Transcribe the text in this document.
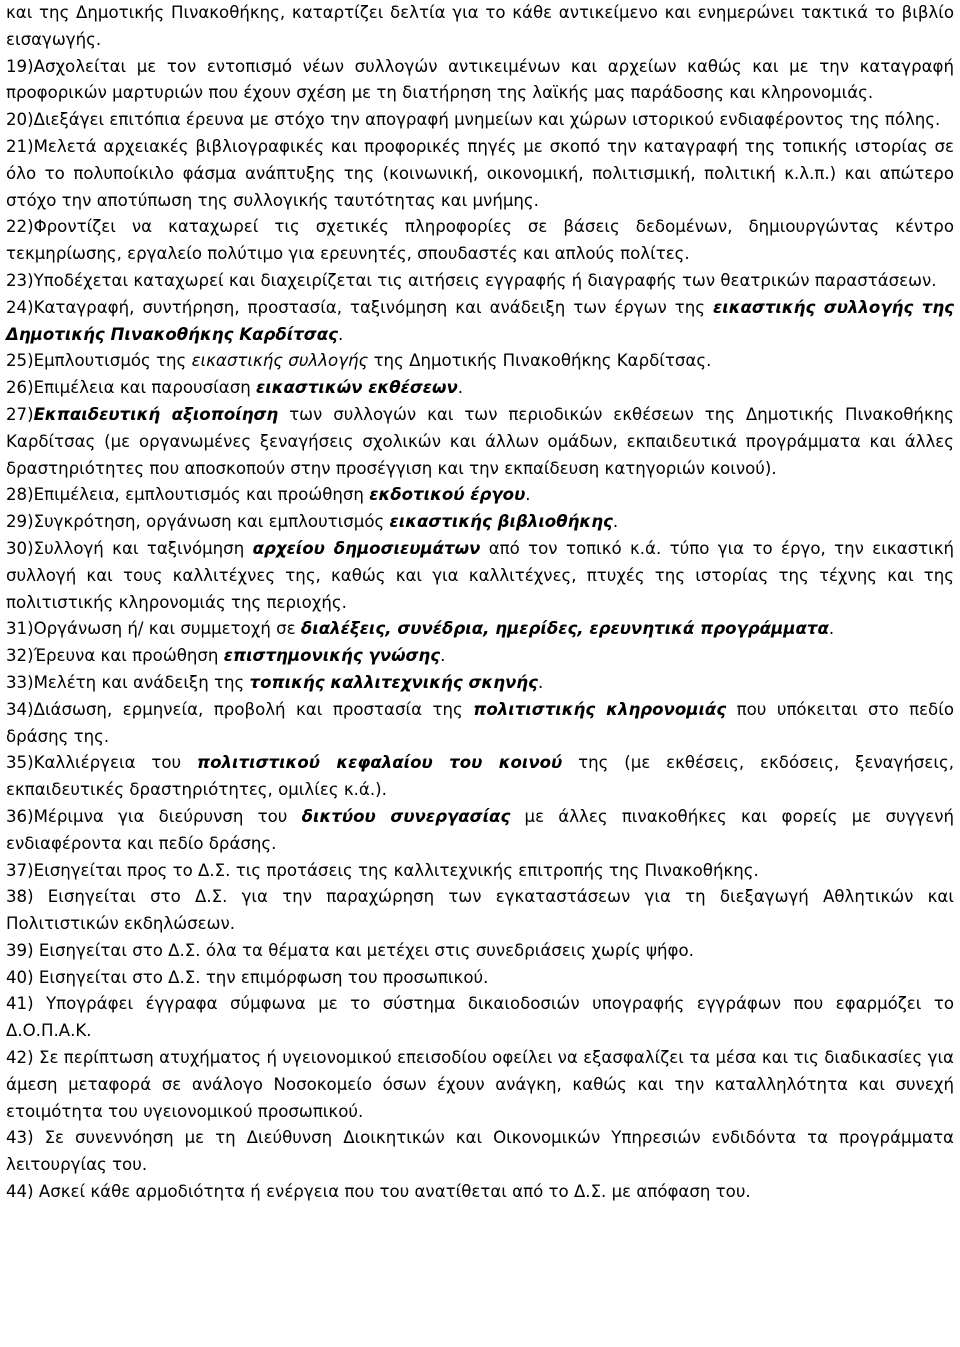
και της Δημοτικής Πινακοθήκης, καταρτίζει δελτία για το κάθε αντικείμενο και ενημερώνει τακτικά το βιβλίο εισαγωγής.
19)Ασχολείται με τον εντοπισμό νέων συλλογών αντικειμένων και αρχείων καθώς και με την καταγραφή προφορικών μαρτυριών που έχουν σχέση με τη διατήρηση της λαϊκής μας παράδοσης και κληρονομιάς.
20)Διεξάγει επιτόπια έρευνα με στόχο την απογραφή μνημείων και χώρων ιστορικού ενδιαφέροντος της πόλης.
21)Μελετά αρχειακές βιβλιογραφικές και προφορικές πηγές με σκοπό την καταγραφή της τοπικής ιστορίας σε όλο το πολυποίκιλο φάσμα ανάπτυξης της (κοινωνική, οικονομική, πολιτισμική, πολιτική κ.λ.π.) και απώτερο στόχο την αποτύπωση της συλλογικής ταυτότητας και μνήμης.
22)Φροντίζει να καταχωρεί τις σχετικές πληροφορίες σε βάσεις δεδομένων, δημιουργώντας κέντρο τεκμηρίωσης, εργαλείο πολύτιμο για ερευνητές, σπουδαστές και απλούς πολίτες.
23)Υποδέχεται καταχωρεί και διαχειρίζεται τις αιτήσεις εγγραφής ή διαγραφής των θεατρικών παραστάσεων.
24)Καταγραφή, συντήρηση, προστασία, ταξινόμηση και ανάδειξη των έργων της εικαστικής συλλογής της Δημοτικής Πινακοθήκης Καρδίτσας.
25)Εμπλουτισμός της εικαστικής συλλογής της Δημοτικής Πινακοθήκης Καρδίτσας.
26)Επιμέλεια και παρουσίαση εικαστικών εκθέσεων.
27)Εκπαιδευτική αξιοποίηση των συλλογών και των περιοδικών εκθέσεων της Δημοτικής Πινακοθήκης Καρδίτσας (με οργανωμένες ξεναγήσεις σχολικών και άλλων ομάδων, εκπαιδευτικά προγράμματα και άλλες δραστηριότητες που αποσκοπούν στην προσέγγιση και την εκπαίδευση κατηγοριών κοινού).
28)Επιμέλεια, εμπλουτισμός και προώθηση εκδοτικού έργου.
29)Συγκρότηση, οργάνωση και εμπλουτισμός εικαστικής βιβλιοθήκης.
30)Συλλογή και ταξινόμηση αρχείου δημοσιευμάτων από τον τοπικό κ.ά. τύπο για το έργο, την εικαστική συλλογή και τους καλλιτέχνες της, καθώς και για καλλιτέχνες, πτυχές της ιστορίας της τέχνης και της πολιτιστικής κληρονομιάς της περιοχής.
31)Οργάνωση ή/ και συμμετοχή σε διαλέξεις, συνέδρια, ημερίδες, ερευνητικά προγράμματα.
32)Έρευνα και προώθηση επιστημονικής γνώσης.
33)Μελέτη και ανάδειξη της τοπικής καλλιτεχνικής σκηνής.
34)Διάσωση, ερμηνεία, προβολή και προστασία της πολιτιστικής κληρονομιάς που υπόκειται στο πεδίο δράσης της.
35)Καλλιέργεια του πολιτιστικού κεφαλαίου του κοινού της (με εκθέσεις, εκδόσεις, ξεναγήσεις, εκπαιδευτικές δραστηριότητες, ομιλίες κ.ά.).
36)Μέριμνα για διεύρυνση του δικτύου συνεργασίας με άλλες πινακοθήκες και φορείς με συγγενή ενδιαφέροντα και πεδίο δράσης.
37)Εισηγείται προς το Δ.Σ. τις προτάσεις της καλλιτεχνικής επιτροπής της Πινακοθήκης.
38) Εισηγείται στο Δ.Σ. για την παραχώρηση των εγκαταστάσεων για τη διεξαγωγή Αθλητικών και Πολιτιστικών εκδηλώσεων.
39) Εισηγείται στο Δ.Σ. όλα τα θέματα και μετέχει στις συνεδριάσεις χωρίς ψήφο.
40) Εισηγείται στο Δ.Σ. την επιμόρφωση του προσωπικού.
41) Υπογράφει έγγραφα σύμφωνα με το σύστημα δικαιοδοσιών υπογραφής εγγράφων που εφαρμόζει το Δ.Ο.Π.Α.Κ.
42) Σε περίπτωση ατυχήματος ή υγειονομικού επεισοδίου οφείλει να εξασφαλίζει τα μέσα και τις διαδικασίες για άμεση μεταφορά σε ανάλογο Νοσοκομείο όσων έχουν ανάγκη, καθώς και την καταλληλότητα και συνεχή ετοιμότητα του υγειονομικού προσωπικού.
43) Σε συνεννόηση με τη Διεύθυνση Διοικητικών και Οικονομικών Υπηρεσιών ενδιδόντα τα προγράμματα λειτουργίας του.
44) Ασκεί κάθε αρμοδιότητα ή ενέργεια που του ανατίθεται από το Δ.Σ. με απόφαση του.
